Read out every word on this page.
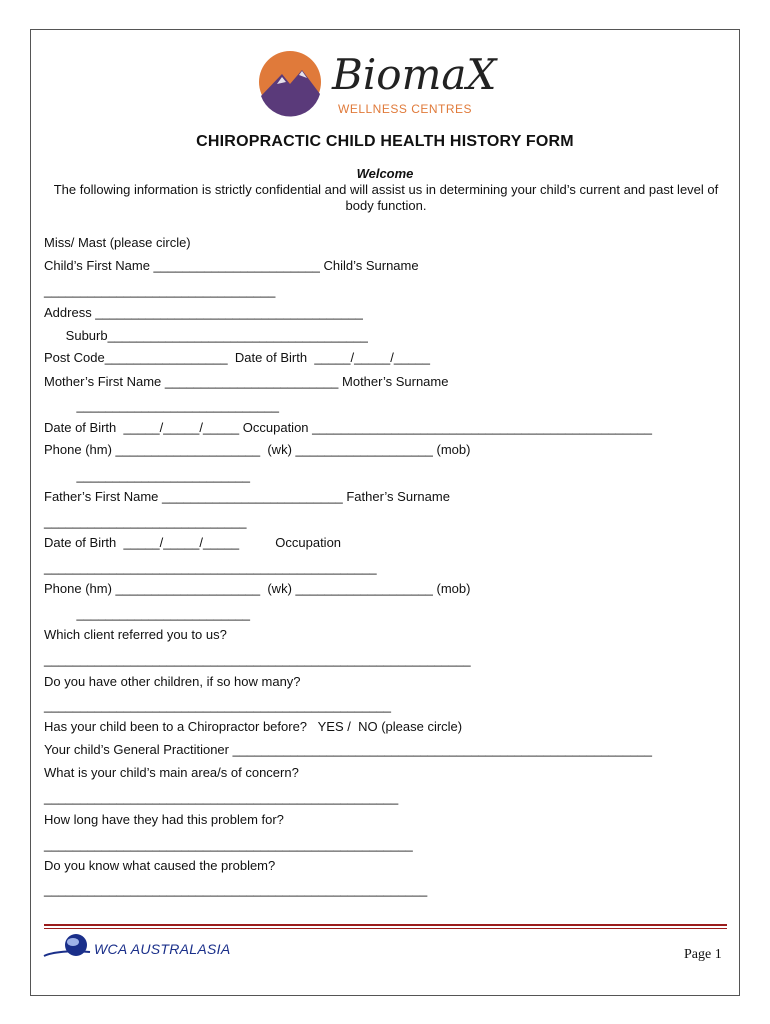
BiomaX
WELLNESS CENTRES
CHIROPRACTIC CHILD HEALTH HISTORY FORM
Welcome
The following information is strictly confidential and will assist us in determining your child’s current and past level of body function.
Miss/ Mast (please circle)
Child’s First Name _______________________ Child’s Surname
________________________________
Address _____________________________________
Suburb____________________________________
Post Code_________________  Date of Birth  _____/_____/_____
Mother’s First Name ________________________ Mother’s Surname
____________________________
Date of Birth  _____/_____/_____ Occupation _______________________________________________
Phone (hm) ____________________  (wk) ___________________ (mob)
________________________
Father’s First Name _________________________ Father’s Surname
____________________________
Date of Birth  _____/_____/_____          Occupation
______________________________________________
Phone (hm) ____________________  (wk) ___________________ (mob)
________________________
Which client referred you to us?
___________________________________________________________
Do you have other children, if so how many?
________________________________________________
Has your child been to a Chiropractor before?   YES /  NO (please circle)
Your child’s General Practitioner __________________________________________________________
What is your child’s main area/s of concern?
_________________________________________________
How long have they had this problem for?
___________________________________________________
Do you know what caused the problem?
_____________________________________________________
WCA AUSTRALASIA	Page 1
